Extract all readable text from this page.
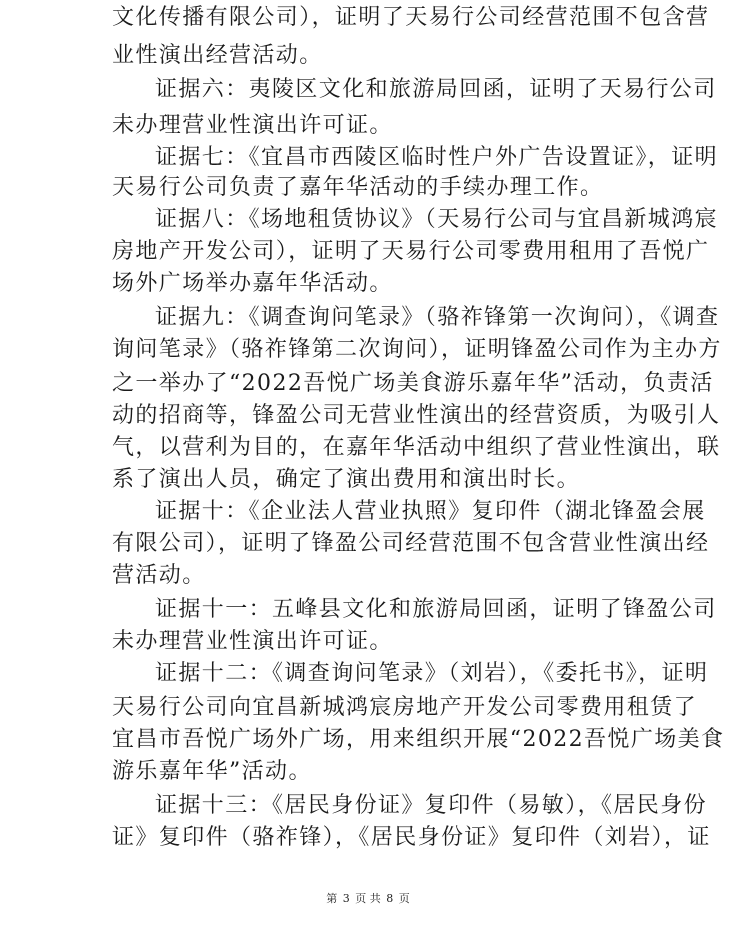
文化传播有限公司），证明了天易行公司经营范围不包含营
业性演出经营活动。
证据六：夷陵区文化和旅游局回函，证明了天易行公司
未办理营业性演出许可证。
证据七：《宜昌市西陵区临时性户外广告设置证》，证明
天易行公司负责了嘉年华活动的手续办理工作。
证据八：《场地租赁协议》（天易行公司与宜昌新城鸿宸
房地产开发公司），证明了天易行公司零费用租用了吾悦广
场外广场举办嘉年华活动。
证据九：《调查询问笔录》（骆祚锋第一次询问），《调查
询问笔录》（骆祚锋第二次询问），证明锋盈公司作为主办方
之一举办了“2022吾悦广场美食游乐嘉年华”活动，负责活
动的招商等，锋盈公司无营业性演出的经营资质，为吸引人
气，以营利为目的，在嘉年华活动中组织了营业性演出，联
系了演出人员，确定了演出费用和演出时长。
证据十：《企业法人营业执照》复印件（湖北锋盈会展
有限公司），证明了锋盈公司经营范围不包含营业性演出经
营活动。
证据十一：五峰县文化和旅游局回函，证明了锋盈公司
未办理营业性演出许可证。
证据十二：《调查询问笔录》（刘岩），《委托书》，证明
天易行公司向宜昌新城鸿宸房地产开发公司零费用租赁了
宜昌市吾悦广场外广场，用来组织开展“2022吾悦广场美食
游乐嘉年华”活动。
证据十三：《居民身份证》复印件（易敏），《居民身份
证》复印件（骆祚锋），《居民身份证》复印件（刘岩），证
第 3 页 共 8 页
